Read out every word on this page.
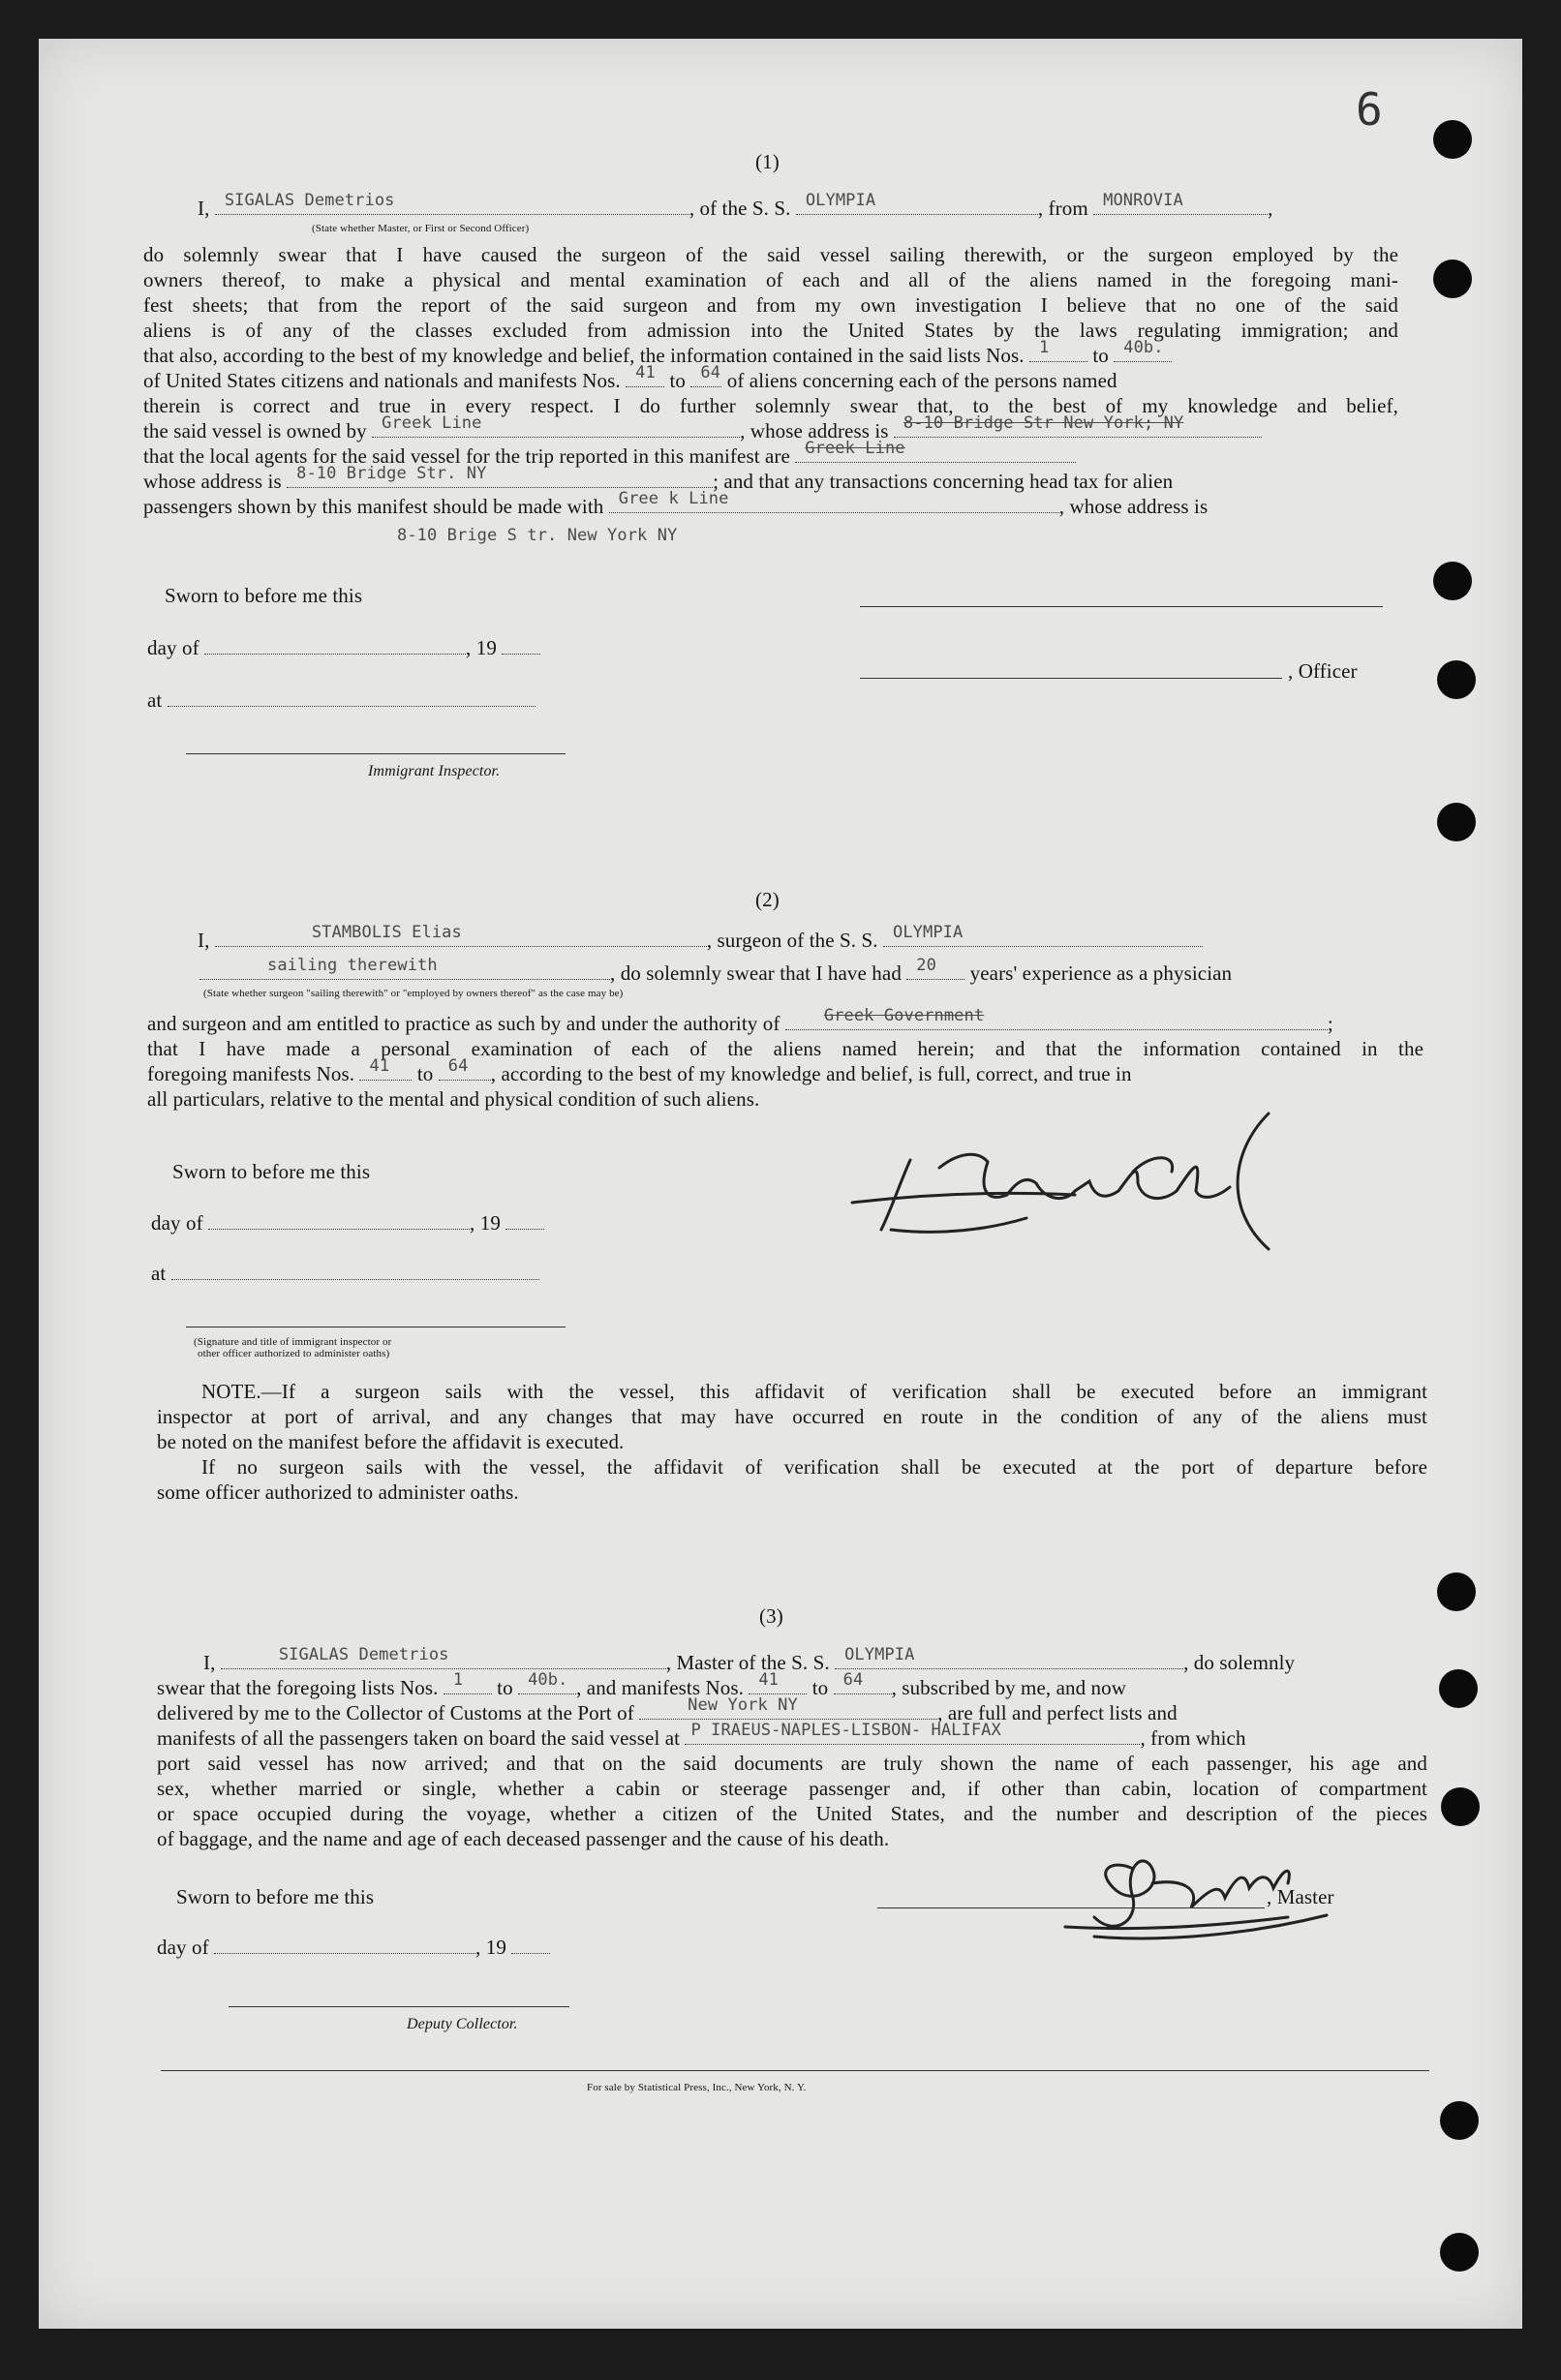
6
(1)
I, SIGALAS Demetrios	, of the S. S. OLYMPIA	, from MONROVIA	,
(State whether Master, or First or Second Officer)
do solemnly swear that I have caused the surgeon of the said vessel sailing therewith, or the surgeon employed by the
owners thereof, to make a physical and mental examination of each and all of the aliens named in the foregoing mani-
fest sheets; that from the report of the said surgeon and from my own investigation I believe that no one of the said
aliens is of any of the classes excluded from admission into the United States by the laws regulating immigration; and
that also, according to the best of my knowledge and belief, the information contained in the said lists Nos. 1 to 40b.
of United States citizens and nationals and manifests Nos. 41 to 64 of aliens concerning each of the persons named
therein is correct and true in every respect. I do further solemnly swear that, to the best of my knowledge and belief,
the said vessel is owned by Greek Line	, whose address is 8-10 Bridge Str New York; NY
that the local agents for the said vessel for the trip reported in this manifest are Greek Line
whose address is 8-10 Bridge Str. NY	; and that any transactions concerning head tax for alien
passengers shown by this manifest should be made with Gree k Line	, whose address is
8-10 Brige S tr. New York NY
Sworn to before me this
day of	, 19
, Officer
at
Immigrant Inspector.
(2)
I,	STAMBOLIS Elias	, surgeon of the S. S. OLYMPIA
sailing therewith	, do solemnly swear that I have had 20 years' experience as a physician
(State whether surgeon "sailing therewith" or "employed by owners thereof" as the case may be)
and surgeon and am entitled to practice as such by and under the authority of	Greek Government	;
that I have made a personal examination of each of the aliens named herein; and that the information contained in the
foregoing manifests Nos. 41 to 64 , according to the best of my knowledge and belief, is full, correct, and true in
all particulars, relative to the mental and physical condition of such aliens.
Sworn to before me this
day of	, 19
at
(Signature and title of immigrant inspector or
other officer authorized to administer oaths)
NOTE.—If a surgeon sails with the vessel, this affidavit of verification shall be executed before an immigrant
inspector at port of arrival, and any changes that may have occurred en route in the condition of any of the aliens must
be noted on the manifest before the affidavit is executed.
If no surgeon sails with the vessel, the affidavit of verification shall be executed at the port of departure before
some officer authorized to administer oaths.
(3)
I,	SIGALAS Demetrios	, Master of the S. S. OLYMPIA	, do solemnly
swear that the foregoing lists Nos. 1 to 40b. , and manifests Nos. 41 to 64 , subscribed by me, and now
delivered by me to the Collector of Customs at the Port of	New York NY	, are full and perfect lists and
manifests of all the passengers taken on board the said vessel at P IRAEUS-NAPLES-LISBON- HALIFAX	, from which
port said vessel has now arrived; and that on the said documents are truly shown the name of each passenger, his age and
sex, whether married or single, whether a cabin or steerage passenger and, if other than cabin, location of compartment
or space occupied during the voyage, whether a citizen of the United States, and the number and description of the pieces
of baggage, and the name and age of each deceased passenger and the cause of his death.
Sworn to before me this	, Master
day of	, 19
Deputy Collector.
For sale by Statistical Press, Inc., New York, N. Y.
